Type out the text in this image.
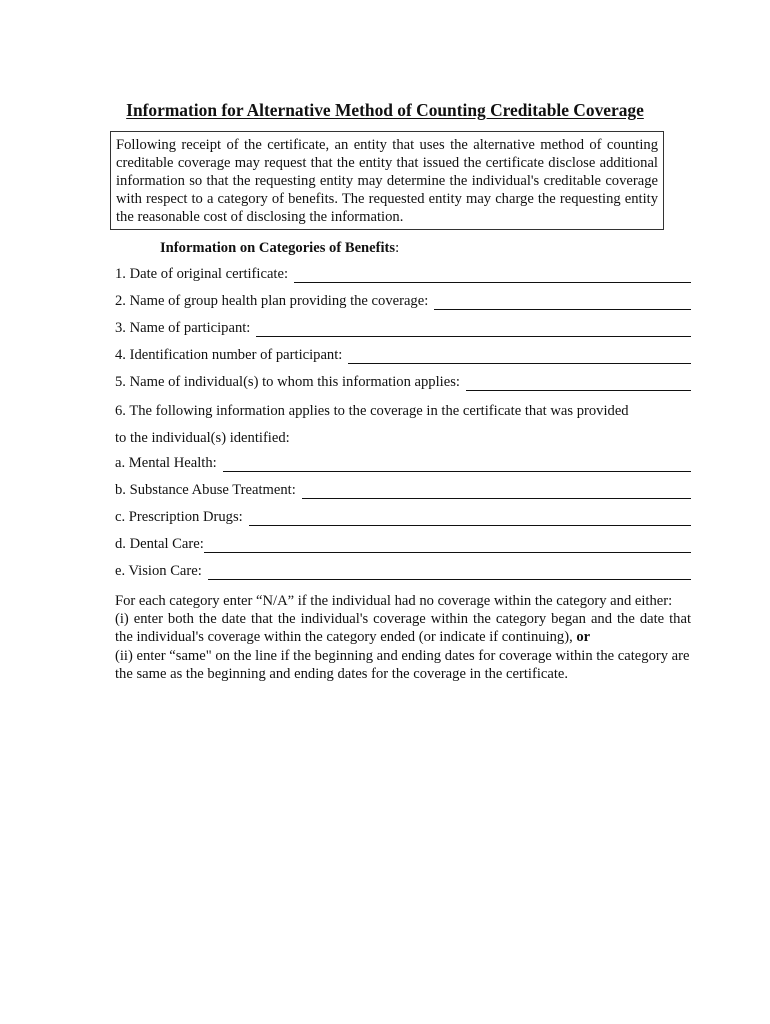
Information for Alternative Method of Counting Creditable Coverage
Following receipt of the certificate, an entity that uses the alternative method of counting creditable coverage may request that the entity that issued the certificate disclose additional information so that the requesting entity may determine the individual's creditable coverage with respect to a category of benefits. The requested entity may charge the requesting entity the reasonable cost of disclosing the information.
Information on Categories of Benefits:
1. Date of original certificate:
2. Name of group health plan providing the coverage:
3. Name of participant:
4. Identification number of participant:
5. Name of individual(s) to whom this information applies:
6. The following information applies to the coverage in the certificate that was provided
to the individual(s) identified:
a. Mental Health:
b. Substance Abuse Treatment:
c. Prescription Drugs:
d. Dental Care:
e. Vision Care:
For each category enter “N/A” if the individual had no coverage within the category and either:
(i) enter both the date that the individual's coverage within the category began and the date that the individual's coverage within the category ended (or indicate if continuing), or
(ii) enter “same" on the line if the beginning and ending dates for coverage within the category are the same as the beginning and ending dates for the coverage in the certificate.
